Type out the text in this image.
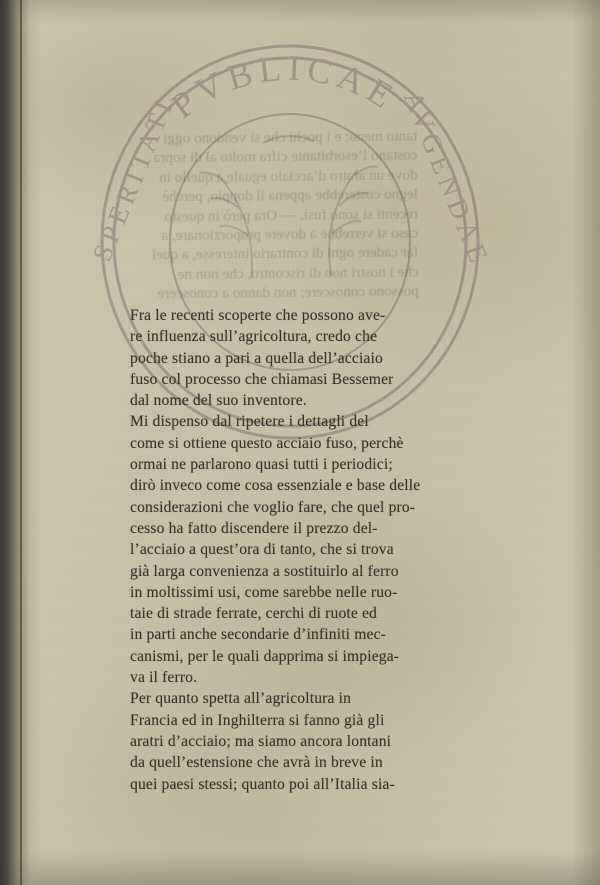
PVBLICAE
SPERITATI	AVGENDAE
tanto meno; e i pochi che si vendono oggi
costano l’esorbitante cifra molto al di sopra
dove un aratro d’acciaio eguale a quello in
legno costerebbe appena il doppio, perchè
recenti si sono fusi. — Ora però in questo
caso si verrebbe a dovere proporzionare, a
far cadere ogni di contrario interesse, a quel
che i nostri non di riscontro, che non ne
possono conoscere; non danno a conoscere

Fra le recenti scoperte che possono ave-
re influenza sull’agricoltura, credo che
poche stiano a pari a quella dell’acciaio
fuso col processo che chiamasi Bessemer
dal nome del suo inventore.

Mi dispenso dal ripetere i dettagli del
come si ottiene questo acciaio fuso, perchè
ormai ne parlarono quasi tutti i periodici;
dirò inveco come cosa essenziale e base delle
considerazioni che voglio fare, che quel pro-
cesso ha fatto discendere il prezzo del-
l’acciaio a quest’ora di tanto, che si trova
già larga convenienza a sostituirlo al ferro
in moltissimi usi, come sarebbe nelle ruo-
taie di strade ferrate, cerchi di ruote ed
in parti anche secondarie d’infiniti mec-
canismi, per le quali dapprima si impiega-
va il ferro.

Per quanto spetta all’agricoltura in
Francia ed in Inghilterra si fanno già gli
aratri d’acciaio; ma siamo ancora lontani
da quell’estensione che avrà in breve in
quei paesi stessi; quanto poi all’Italia sia-
